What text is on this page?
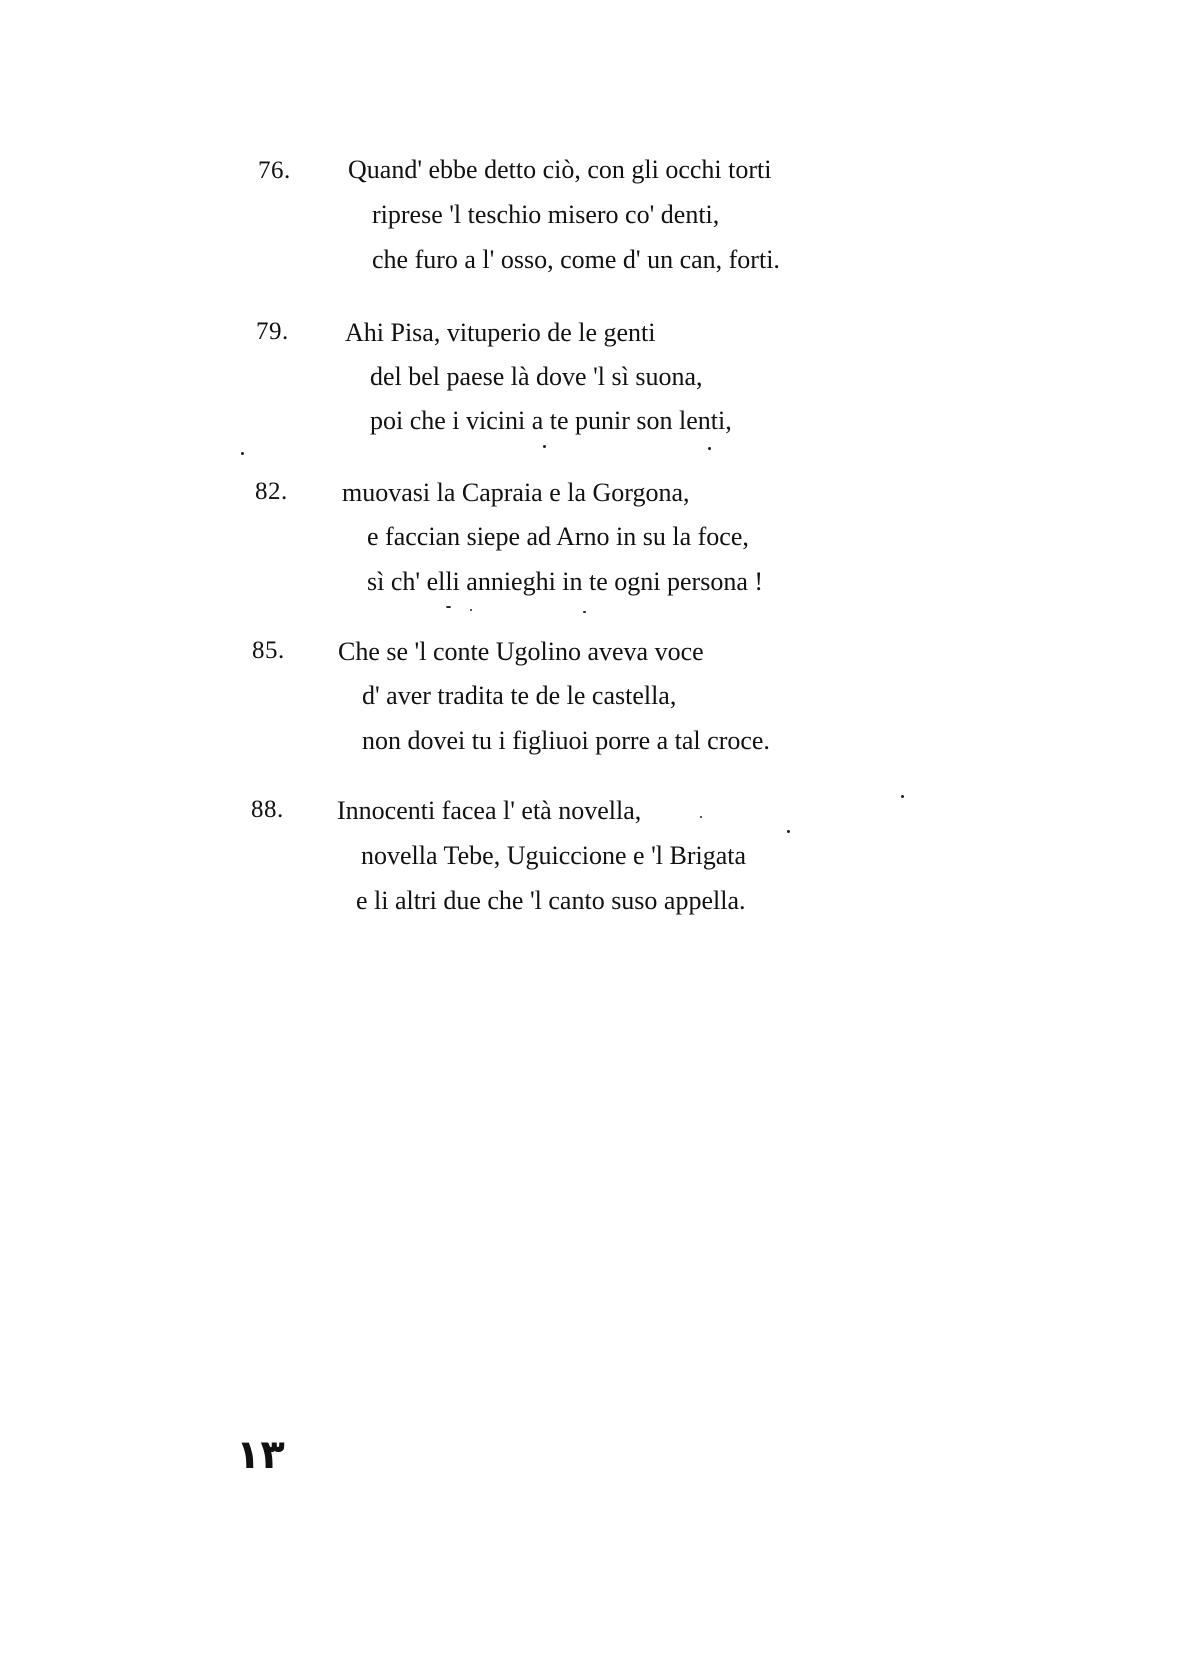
76. Quand' ebbe detto ciò, con gli occhi torti
riprese 'l teschio misero co' denti,
che furo a l' osso, come d' un can, forti.
79. Ahi Pisa, vituperio de le genti
del bel paese là dove 'l sì suona,
poi che i vicini a te punir son lenti,
82. muovasi la Capraia e la Gorgona,
e faccian siepe ad Arno in su la foce,
sì ch' elli annieghi in te ogni persona !
85. Che se 'l conte Ugolino aveva voce
d' aver tradita te de le castella,
non dovei tu i figliuoi porre a tal croce.
88. Innocenti facea l' età novella,
novella Tebe, Uguiccione e 'l Brigata
e li altri due che 'l canto suso appella.
٣١
